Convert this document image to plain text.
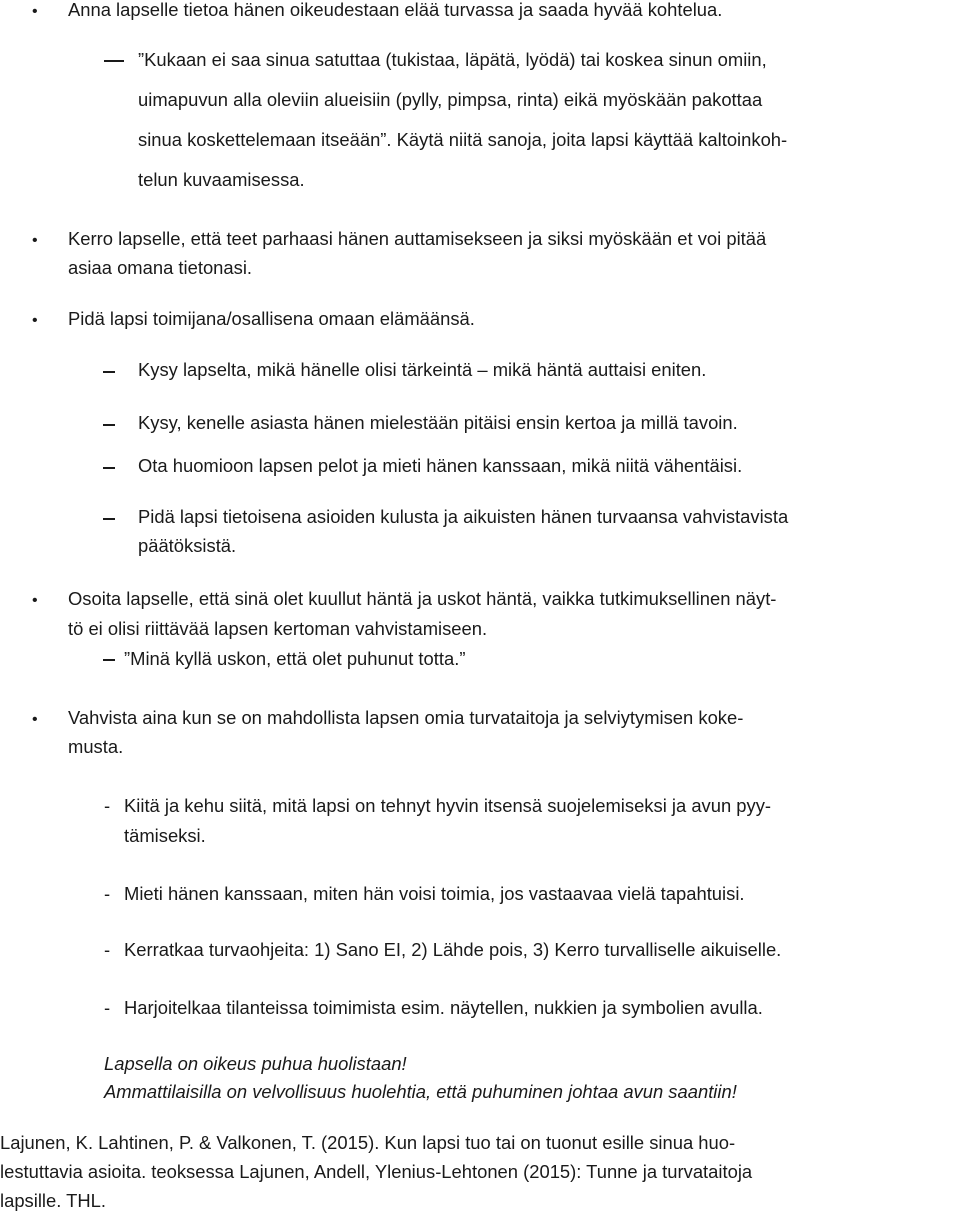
• Anna lapselle tietoa hänen oikeudestaan elää turvassa ja saada hyvää kohtelua.

”Kukaan ei saa sinua satuttaa (tukistaa, läpätä, lyödä) tai koskea sinun omiin,

uimapuvun alla oleviin alueisiin (pylly, pimpsa, rinta) eikä myöskään pakottaa

sinua koskettelemaan itseään”. Käytä niitä sanoja, joita lapsi käyttää kaltoinkoh-

telun kuvaamisessa.

• Kerro lapselle, että teet parhaasi hänen auttamisekseen ja siksi myöskään et voi pitää

asiaa omana tietonasi.

• Pidä lapsi toimijana/osallisena omaan elämäänsä.

Kysy lapselta, mikä hänelle olisi tärkeintä – mikä häntä auttaisi eniten.

Kysy, kenelle asiasta hänen mielestään pitäisi ensin kertoa ja millä tavoin.

Ota huomioon lapsen pelot ja mieti hänen kanssaan, mikä niitä vähentäisi.

Pidä lapsi tietoisena asioiden kulusta ja aikuisten hänen turvaansa vahvistavista

päätöksistä.

• Osoita lapselle, että sinä olet kuullut häntä ja uskot häntä, vaikka tutkimuksellinen näyt-

tö ei olisi riittävää lapsen kertoman vahvistamiseen.

”Minä kyllä uskon, että olet puhunut totta.”

• Vahvista aina kun se on mahdollista lapsen omia turvataitoja ja selviytymisen koke-

musta.

- Kiitä ja kehu siitä, mitä lapsi on tehnyt hyvin itsensä suojelemiseksi ja avun pyy-

tämiseksi.

- Mieti hänen kanssaan, miten hän voisi toimia, jos vastaavaa vielä tapahtuisi.

- Kerratkaa turvaohjeita: 1) Sano EI, 2) Lähde pois, 3) Kerro turvalliselle aikuiselle.

- Harjoitelkaa tilanteissa toimimista esim. näytellen, nukkien ja symbolien avulla.

Lapsella on oikeus puhua huolistaan!

Ammattilaisilla on velvollisuus huolehtia, että puhuminen johtaa avun saantiin!

Lajunen, K. Lahtinen, P. & Valkonen, T. (2015). Kun lapsi tuo tai on tuonut esille sinua huo-

lestuttavia asioita. teoksessa Lajunen, Andell, Ylenius-Lehtonen (2015): Tunne ja turvataitoja

lapsille. THL.
